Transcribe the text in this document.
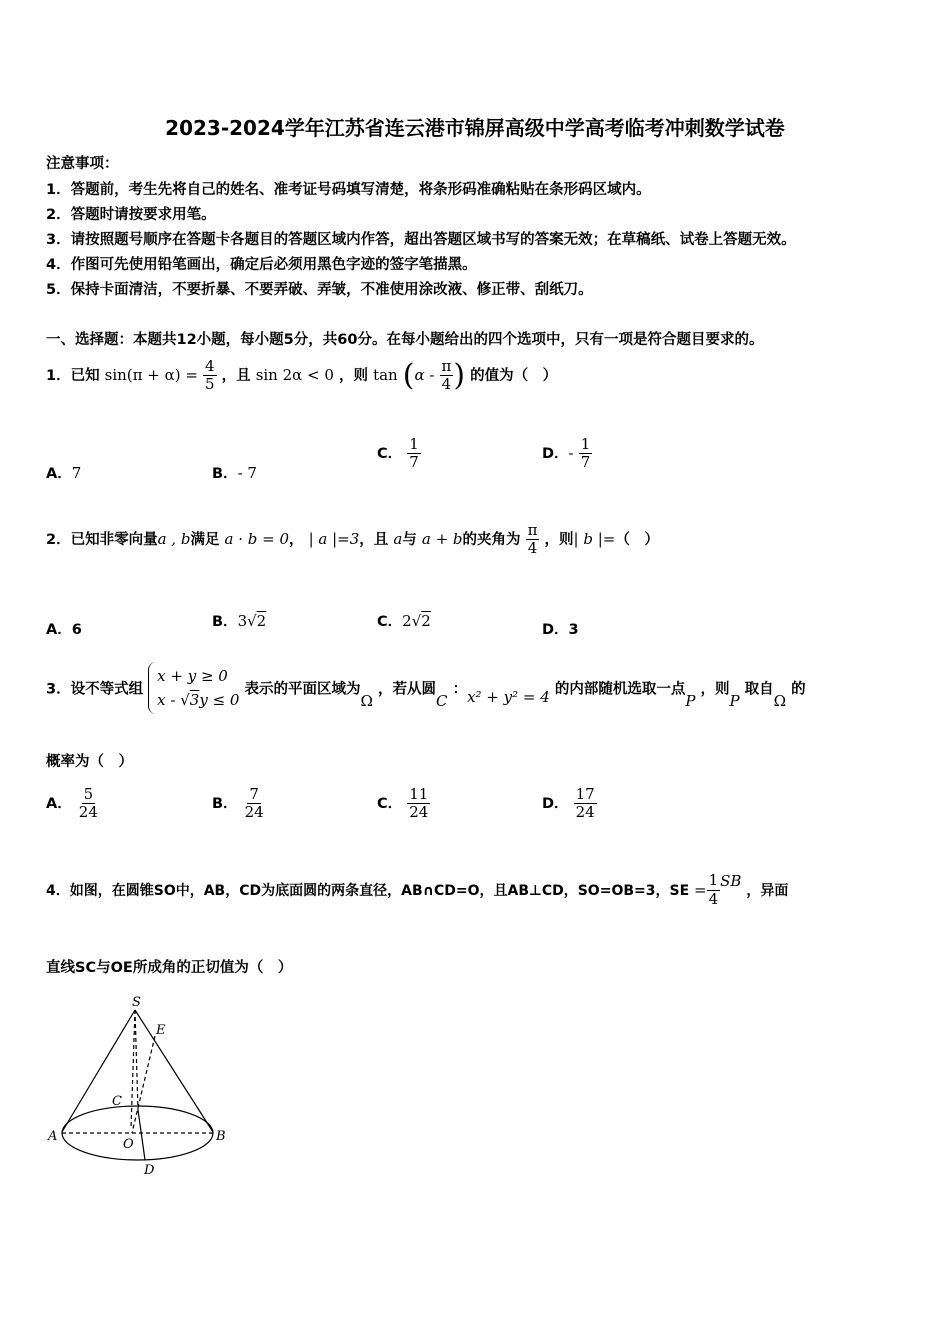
2023-2024学年江苏省连云港市锦屏高级中学高考临考冲刺数学试卷
注意事项：
1．答题前，考生先将自己的姓名、准考证号码填写清楚，将条形码准确粘贴在条形码区域内。
2．答题时请按要求用笔。
3．请按照题号顺序在答题卡各题目的答题区域内作答，超出答题区域书写的答案无效；在草稿纸、试卷上答题无效。
4．作图可先使用铅笔画出，确定后必须用黑色字迹的签字笔描黑。
5．保持卡面清洁，不要折暴、不要弄破、弄皱，不准使用涂改液、修正带、刮纸刀。
一、选择题：本题共12小题，每小题5分，共60分。在每小题给出的四个选项中，只有一项是符合题目要求的。
1．已知 $\sin(\pi + \alpha) = \frac{4}{5}$ ，且 sin 2α < 0 ，则 $\tan (\alpha - \frac{\pi}{4}$ ) 的值为（　）
A．7	B．- 7
C． $\frac{1}{7}$	D．- $\frac{1}{7}$
2．已知非零向量a , b满足 a · b = 0， | a |=3，且 a与 a + b的夹角为 $\frac{\pi}{4}$ ，则| b |=（　）
A．6	B．3√2	C．2√2	D．3
3．设不等式组
x + y ≥ 0
x - √3y ≤ 0
表示的平面区域为Ω ，若从圆C ：x² + y² = 4 的内部随机选取一点P ，则P 取自Ω 的
概率为（　）
A． $\frac{5}{24}$	B． $\frac{7}{24}$	C． $\frac{11}{24}$	D． $\frac{17}{24}$
4．如图，在圆锥SO中，AB，CD为底面圆的两条直径，AB∩CD=O，且AB⊥CD，SO=OB=3，SE = $\frac{1}{4}$ SB ，异面
直线SC与OE所成角的正切值为（　）
S
E
C
A
O
B
D
